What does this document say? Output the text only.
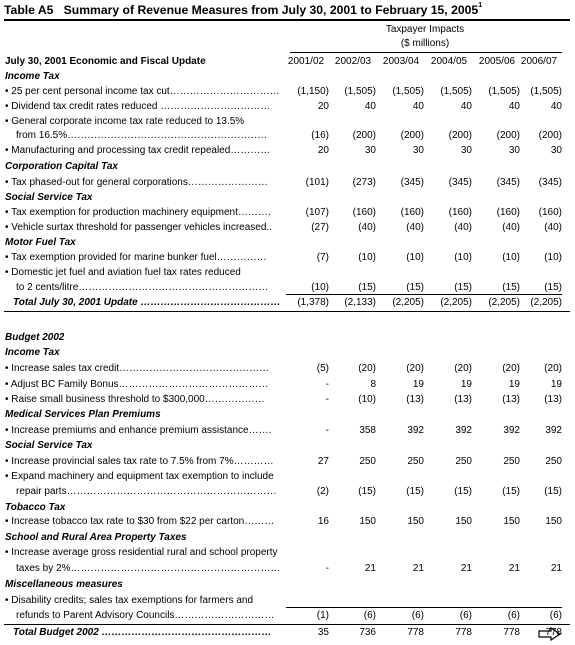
Table A5 Summary of Revenue Measures from July 30, 2001 to February 15, 2005$^1$
Taxpayer Impacts
($ millions)
July 30, 2001 Economic and Fiscal Update	2001/02	2002/03	2003/04	2004/05	2005/06 2006/07
Income Tax
• 25 per cent personal income tax cut……………………………	(1,150)	(1,505)	(1,505)	(1,505)	(1,505)	(1,505)
• Dividend tax credit rates reduced ……………………………	20	40	40	40	40	40
• General corporate income tax rate reduced to 13.5%
from 16.5%……………………………………………………	(16)	(200)	(200)	(200)	(200)	(200)
• Manufacturing and processing tax credit repealed…………	20	30	30	30	30	30
Corporation Capital Tax
• Tax phased-out for general corporations……………………	(101)	(273)	(345)	(345)	(345)	(345)
Social Service Tax
• Tax exemption for production machinery equipment……….	(107)	(160)	(160)	(160)	(160)	(160)
• Vehicle surtax threshold for passenger vehicles increased..	(27)	(40)	(40)	(40)	(40)	(40)
Motor Fuel Tax
• Tax exemption provided for marine bunker fuel……………	(7)	(10)	(10)	(10)	(10)	(10)
• Domestic jet fuel and aviation fuel tax rates reduced
to 2 cents/litre…………………………………………………	(10)	(15)	(15)	(15)	(15)	(15)
Total July 30, 2001 Update ……………………………………	(1,378)	(2,133)	(2,205)	(2,205)	(2,205)	(2,205)
Budget 2002
Income Tax
• Increase sales tax credit………………………………………	(5)	(20)	(20)	(20)	(20)	(20)
• Adjust BC Family Bonus………………………………………	-	8	19	19	19	19
• Raise small business threshold to $300,000………………	-	(10)	(13)	(13)	(13)	(13)
Medical Services Plan Premiums
• Increase premiums and enhance premium assistance…….	-	358	392	392	392	392
Social Service Tax
• Increase provincial sales tax rate to 7.5% from 7%…………	27	250	250	250	250	250
• Expand machinery and equipment tax exemption to include
repair parts………………………………………………………	(2)	(15)	(15)	(15)	(15)	(15)
Tobacco Tax
• Increase tobacco tax rate to $30 from $22 per carton………	16	150	150	150	150	150
School and Rural Area Property Taxes
• Increase average gross residential rural and school property
taxes by 2%………………………………………………………	-	21	21	21	21	21
Miscellaneous measures
• Disability credits; sales tax exemptions for farmers and
refunds to Parent Advisory Councils…………………………	(1)	(6)	(6)	(6)	(6)	(6)
Total Budget 2002 ……………………………………………	35	736	778	778	778	778
